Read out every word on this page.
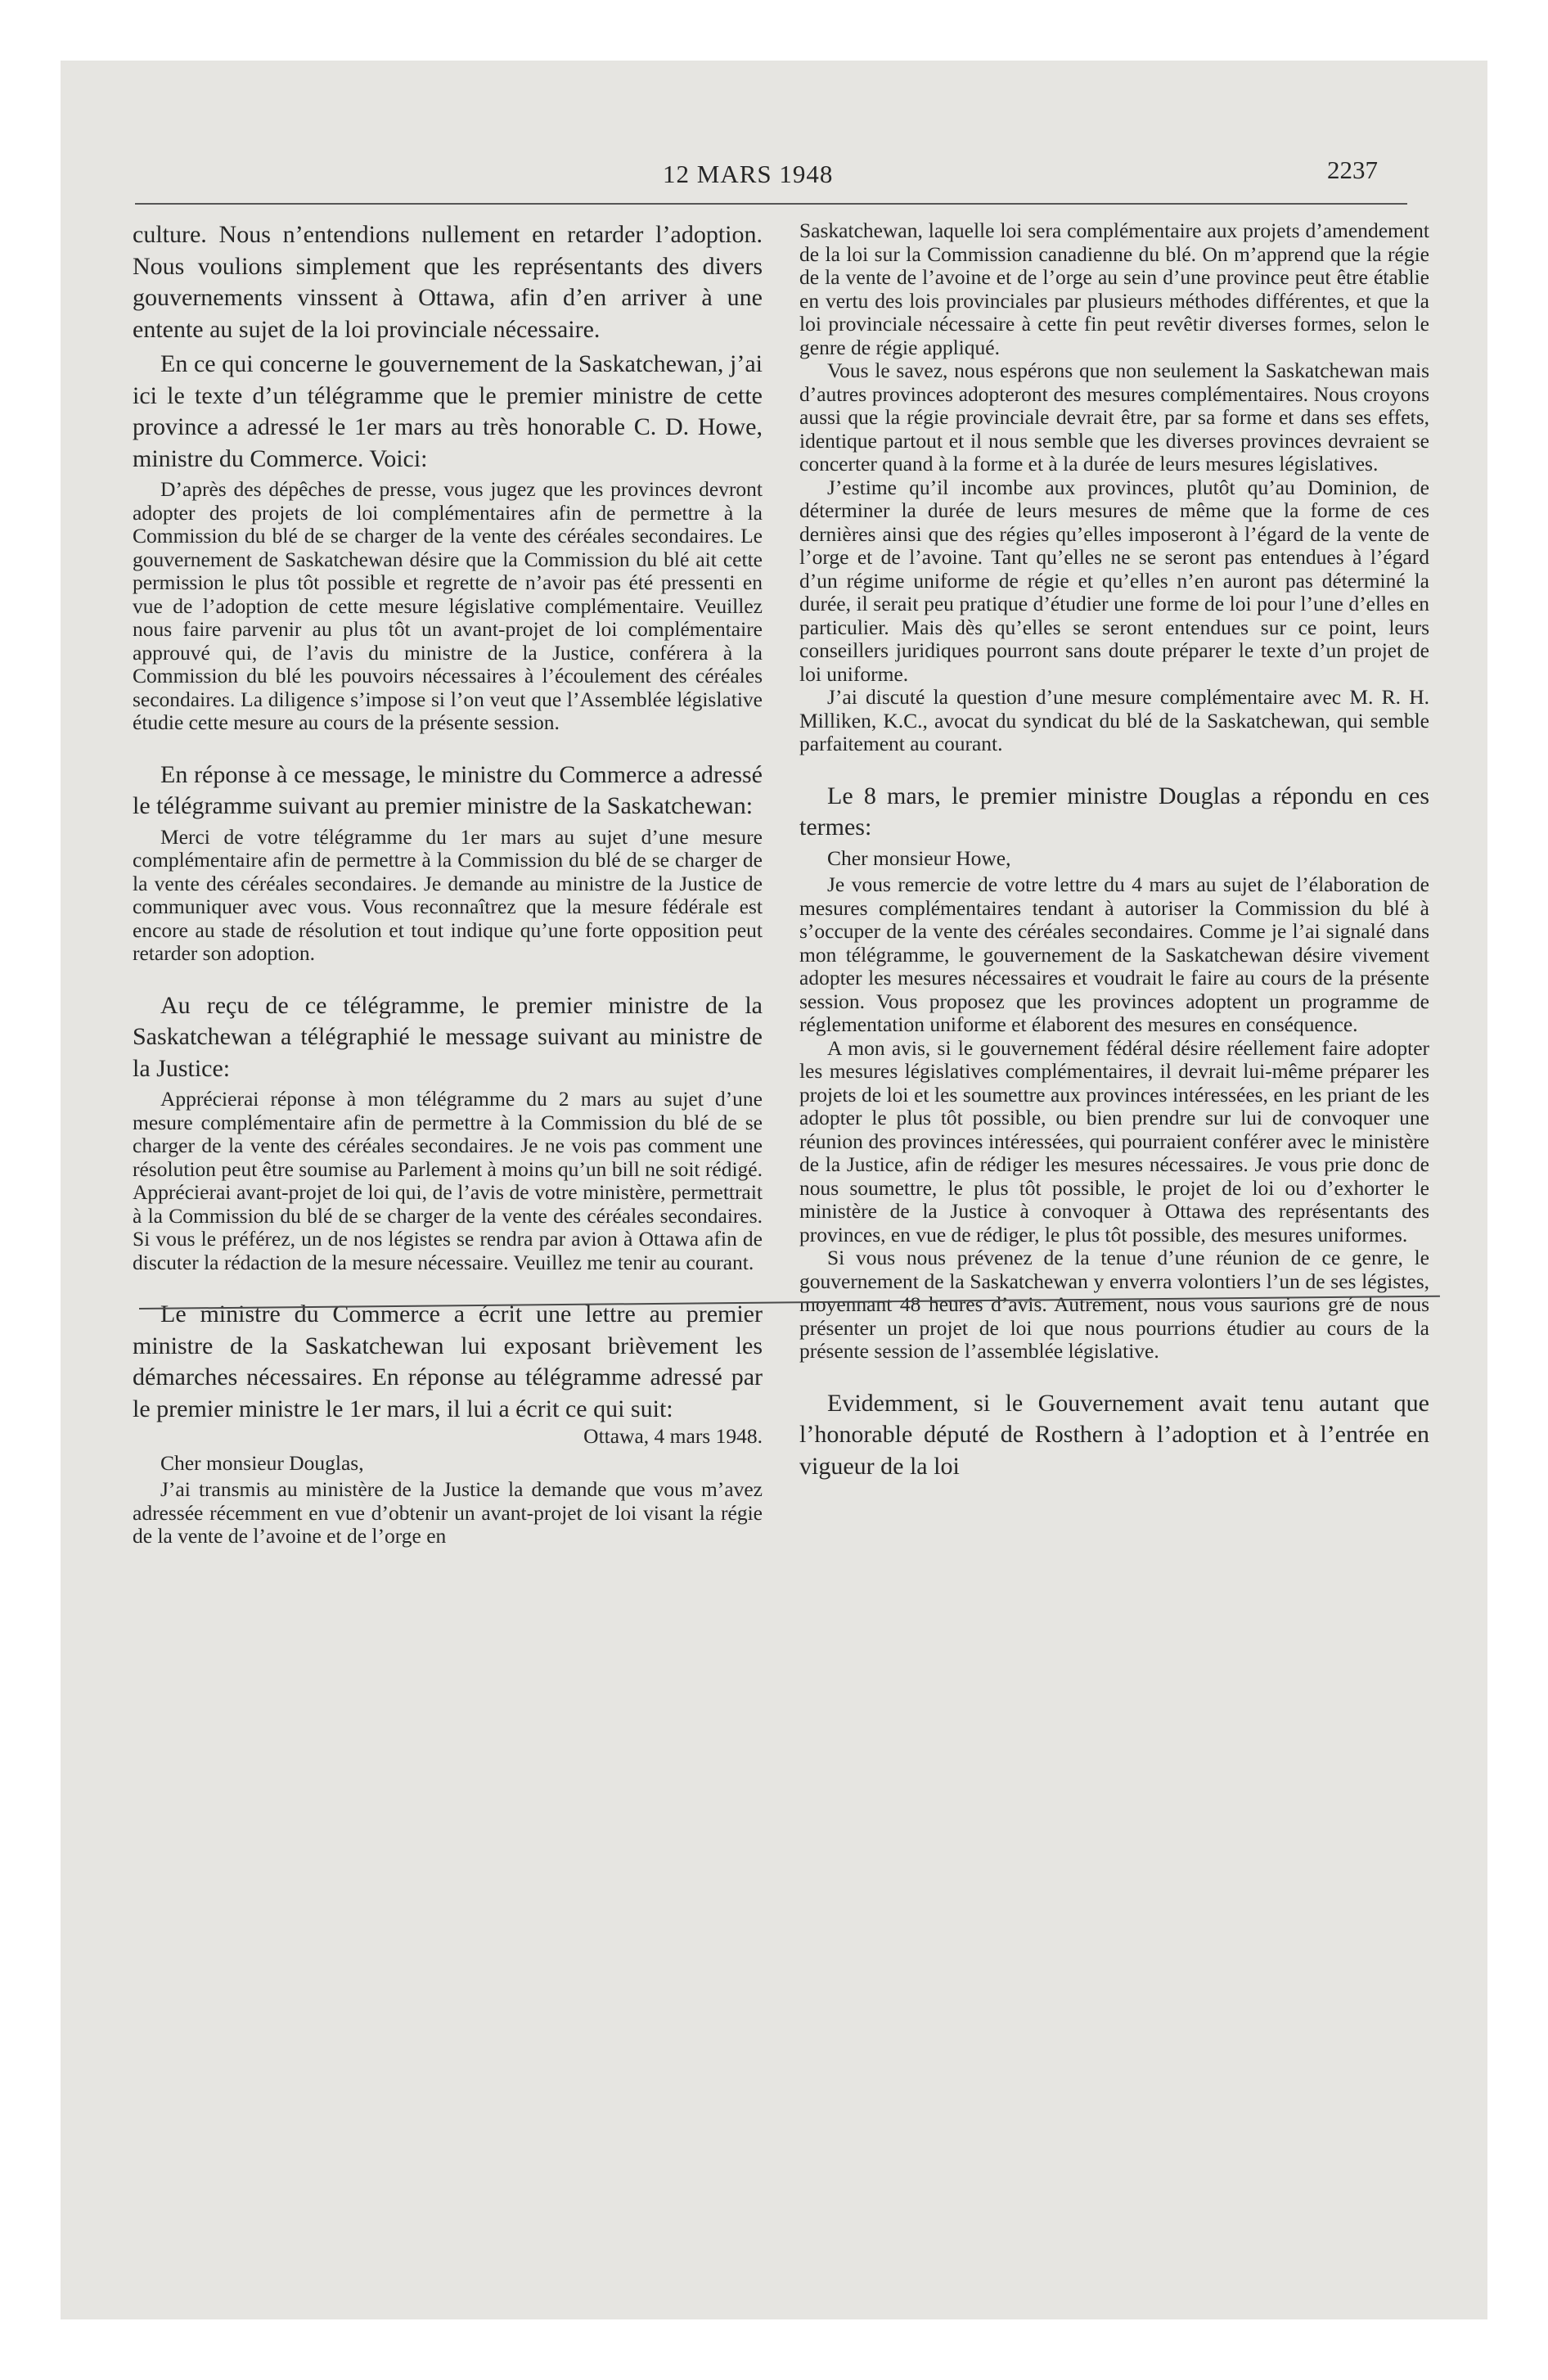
12 MARS 1948	2237

culture. Nous n’entendions nullement en retarder l’adoption. Nous voulions simplement que les représentants des divers gouvernements vinssent à Ottawa, afin d’en arriver à une entente au sujet de la loi provinciale nécessaire.

En ce qui concerne le gouvernement de la Saskatchewan, j’ai ici le texte d’un télégramme que le premier ministre de cette province a adressé le 1er mars au très honorable C. D. Howe, ministre du Commerce. Voici:

D’après des dépêches de presse, vous jugez que les provinces devront adopter des projets de loi complémentaires afin de permettre à la Commission du blé de se charger de la vente des céréales secondaires. Le gouvernement de Saskatchewan désire que la Commission du blé ait cette permission le plus tôt possible et regrette de n’avoir pas été pressenti en vue de l’adoption de cette mesure législative complémentaire. Veuillez nous faire parvenir au plus tôt un avant-projet de loi complémentaire approuvé qui, de l’avis du ministre de la Justice, conférera à la Commission du blé les pouvoirs nécessaires à l’écoulement des céréales secondaires. La diligence s’impose si l’on veut que l’Assemblée législative étudie cette mesure au cours de la présente session.

En réponse à ce message, le ministre du Commerce a adressé le télégramme suivant au premier ministre de la Saskatchewan:

Merci de votre télégramme du 1er mars au sujet d’une mesure complémentaire afin de permettre à la Commission du blé de se charger de la vente des céréales secondaires. Je demande au ministre de la Justice de communiquer avec vous. Vous reconnaîtrez que la mesure fédérale est encore au stade de résolution et tout indique qu’une forte opposition peut retarder son adoption.

Au reçu de ce télégramme, le premier ministre de la Saskatchewan a télégraphié le message suivant au ministre de la Justice:

Apprécierai réponse à mon télégramme du 2 mars au sujet d’une mesure complémentaire afin de permettre à la Commission du blé de se charger de la vente des céréales secondaires. Je ne vois pas comment une résolution peut être soumise au Parlement à moins qu’un bill ne soit rédigé. Apprécierai avant-projet de loi qui, de l’avis de votre ministère, permettrait à la Commission du blé de se charger de la vente des céréales secondaires. Si vous le préférez, un de nos légistes se rendra par avion à Ottawa afin de discuter la rédaction de la mesure nécessaire. Veuillez me tenir au courant.

Le ministre du Commerce a écrit une lettre au premier ministre de la Saskatchewan lui exposant brièvement les démarches nécessaires. En réponse au télégramme adressé par le premier ministre le 1er mars, il lui a écrit ce qui suit:

Ottawa, 4 mars 1948.

Cher monsieur Douglas,

J’ai transmis au ministère de la Justice la demande que vous m’avez adressée récemment en vue d’obtenir un avant-projet de loi visant la régie de la vente de l’avoine et de l’orge en

Saskatchewan, laquelle loi sera complémentaire aux projets d’amendement de la loi sur la Commission canadienne du blé. On m’apprend que la régie de la vente de l’avoine et de l’orge au sein d’une province peut être établie en vertu des lois provinciales par plusieurs méthodes différentes, et que la loi provinciale nécessaire à cette fin peut revêtir diverses formes, selon le genre de régie appliqué.

Vous le savez, nous espérons que non seulement la Saskatchewan mais d’autres provinces adopteront des mesures complémentaires. Nous croyons aussi que la régie provinciale devrait être, par sa forme et dans ses effets, identique partout et il nous semble que les diverses provinces devraient se concerter quand à la forme et à la durée de leurs mesures législatives.

J’estime qu’il incombe aux provinces, plutôt qu’au Dominion, de déterminer la durée de leurs mesures de même que la forme de ces dernières ainsi que des régies qu’elles imposeront à l’égard de la vente de l’orge et de l’avoine. Tant qu’elles ne se seront pas entendues à l’égard d’un régime uniforme de régie et qu’elles n’en auront pas déterminé la durée, il serait peu pratique d’étudier une forme de loi pour l’une d’elles en particulier. Mais dès qu’elles se seront entendues sur ce point, leurs conseillers juridiques pourront sans doute préparer le texte d’un projet de loi uniforme.

J’ai discuté la question d’une mesure complémentaire avec M. R. H. Milliken, K.C., avocat du syndicat du blé de la Saskatchewan, qui semble parfaitement au courant.

Le 8 mars, le premier ministre Douglas a répondu en ces termes:

Cher monsieur Howe,

Je vous remercie de votre lettre du 4 mars au sujet de l’élaboration de mesures complémentaires tendant à autoriser la Commission du blé à s’occuper de la vente des céréales secondaires. Comme je l’ai signalé dans mon télégramme, le gouvernement de la Saskatchewan désire vivement adopter les mesures nécessaires et voudrait le faire au cours de la présente session. Vous proposez que les provinces adoptent un programme de réglementation uniforme et élaborent des mesures en conséquence.

A mon avis, si le gouvernement fédéral désire réellement faire adopter les mesures législatives complémentaires, il devrait lui-même préparer les projets de loi et les soumettre aux provinces intéressées, en les priant de les adopter le plus tôt possible, ou bien prendre sur lui de convoquer une réunion des provinces intéressées, qui pourraient conférer avec le ministère de la Justice, afin de rédiger les mesures nécessaires. Je vous prie donc de nous soumettre, le plus tôt possible, le projet de loi ou d’exhorter le ministère de la Justice à convoquer à Ottawa des représentants des provinces, en vue de rédiger, le plus tôt possible, des mesures uniformes.

Si vous nous prévenez de la tenue d’une réunion de ce genre, le gouvernement de la Saskatchewan y enverra volontiers l’un de ses légistes, moyennant 48 heures d’avis. Autrement, nous vous saurions gré de nous présenter un projet de loi que nous pourrions étudier au cours de la présente session de l’assemblée législative.

Evidemment, si le Gouvernement avait tenu autant que l’honorable député de Rosthern à l’adoption et à l’entrée en vigueur de la loi
